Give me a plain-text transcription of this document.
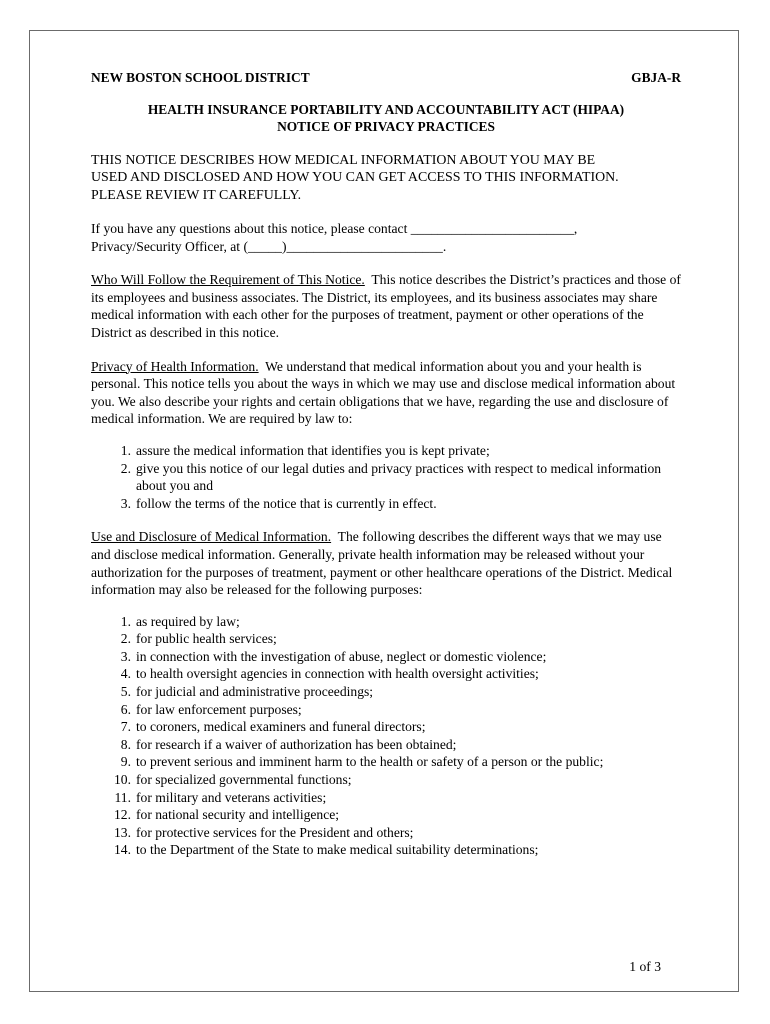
NEW BOSTON SCHOOL DISTRICT	GBJA-R
HEALTH INSURANCE PORTABILITY AND ACCOUNTABILITY ACT (HIPAA)
NOTICE OF PRIVACY PRACTICES
THIS NOTICE DESCRIBES HOW MEDICAL INFORMATION ABOUT YOU MAY BE
USED AND DISCLOSED AND HOW YOU CAN GET ACCESS TO THIS INFORMATION.
PLEASE REVIEW IT CAREFULLY.

If you have any questions about this notice, please contact ________________________,
Privacy/Security Officer, at (_____)_______________________.

Who Will Follow the Requirement of This Notice. This notice describes the District’s practices and those of its employees and business associates. The District, its employees, and its business associates may share medical information with each other for the purposes of treatment, payment or other operations of the District as described in this notice.

Privacy of Health Information. We understand that medical information about you and your health is personal. This notice tells you about the ways in which we may use and disclose medical information about you. We also describe your rights and certain obligations that we have, regarding the use and disclosure of medical information. We are required by law to:

1. assure the medical information that identifies you is kept private;
2. give you this notice of our legal duties and privacy practices with respect to medical information about you and
3. follow the terms of the notice that is currently in effect.

Use and Disclosure of Medical Information. The following describes the different ways that we may use and disclose medical information. Generally, private health information may be released without your authorization for the purposes of treatment, payment or other healthcare operations of the District. Medical information may also be released for the following purposes:

1. as required by law;
2. for public health services;
3. in connection with the investigation of abuse, neglect or domestic violence;
4. to health oversight agencies in connection with health oversight activities;
5. for judicial and administrative proceedings;
6. for law enforcement purposes;
7. to coroners, medical examiners and funeral directors;
8. for research if a waiver of authorization has been obtained;
9. to prevent serious and imminent harm to the health or safety of a person or the public;
10. for specialized governmental functions;
11. for military and veterans activities;
12. for national security and intelligence;
13. for protective services for the President and others;
14. to the Department of the State to make medical suitability determinations;
1 of 3
